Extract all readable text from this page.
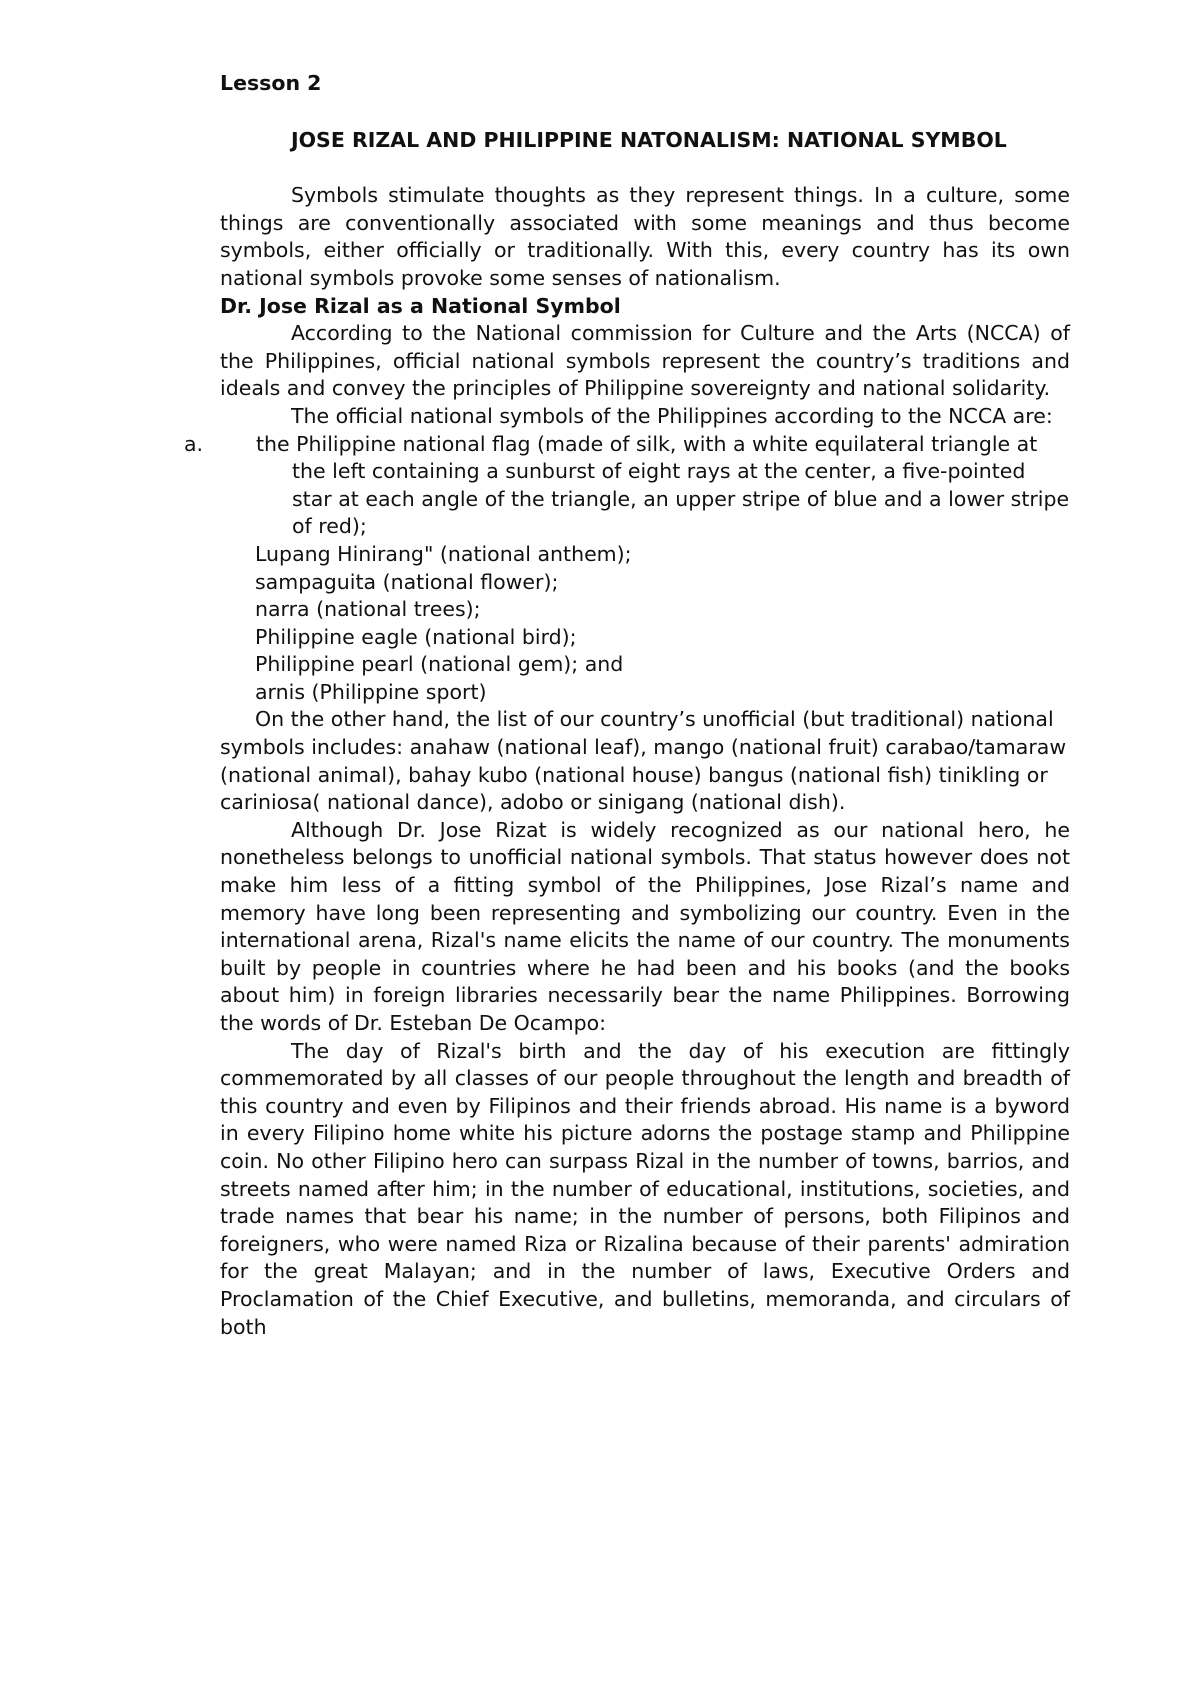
Lesson 2
JOSE RIZAL AND PHILIPPINE NATONALISM: NATIONAL SYMBOL

Symbols stimulate thoughts as they represent things. In a culture, some things are conventionally associated with some meanings and thus become symbols, either officially or traditionally. With this, every country has its own national symbols provoke some senses of nationalism.

Dr. Jose Rizal as a National Symbol

According to the National commission for Culture and the Arts (NCCA) of the Philippines, official national symbols represent the country’s traditions and ideals and convey the principles of Philippine sovereignty and national solidarity.

The official national symbols of the Philippines according to the NCCA are:

a.	the Philippine national flag (made of silk, with a white equilateral triangle at the left containing a sunburst of eight rays at the center, a five-pointed star at each angle of the triangle, an upper stripe of blue and a lower stripe of red);
Lupang Hinirang" (national anthem);
sampaguita (national flower);
narra (national trees);
Philippine eagle (national bird);
Philippine pearl (national gem); and
arnis (Philippine sport)

On the other hand, the list of our country’s unofficial (but traditional) national symbols includes: anahaw (national leaf), mango (national fruit) carabao/tamaraw (national animal), bahay kubo (national house) bangus (national fish) tinikling or cariniosa( national dance), adobo or sinigang (national dish).

Although Dr. Jose Rizat is widely recognized as our national hero, he nonetheless belongs to unofficial national symbols. That status however does not make him less of a fitting symbol of the Philippines, Jose Rizal’s name and memory have long been representing and symbolizing our country. Even in the international arena, Rizal's name elicits the name of our country. The monuments built by people in countries where he had been and his books (and the books about him) in foreign libraries necessarily bear the name Philippines. Borrowing the words of Dr. Esteban De Ocampo:

The day of Rizal's birth and the day of his execution are fittingly commemorated by all classes of our people throughout the length and breadth of this country and even by Filipinos and their friends abroad. His name is a byword in every Filipino home white his picture adorns the postage stamp and Philippine coin. No other Filipino hero can surpass Rizal in the number of towns, barrios, and streets named after him; in the number of educational, institutions, societies, and trade names that bear his name; in the number of persons, both Filipinos and foreigners, who were named Riza or Rizalina because of their parents' admiration for the great Malayan; and in the number of laws, Executive Orders and Proclamation of the Chief Executive, and bulletins, memoranda, and circulars of both
